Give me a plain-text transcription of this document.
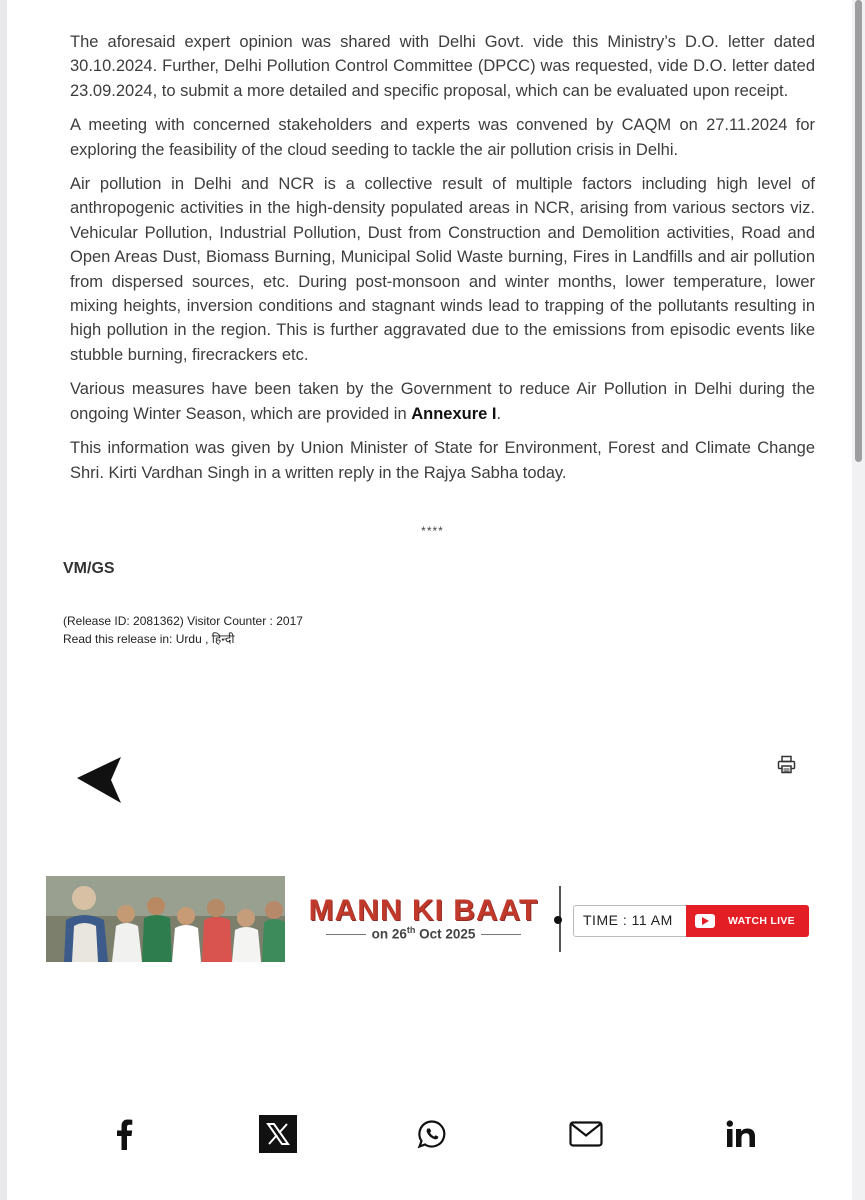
The aforesaid expert opinion was shared with Delhi Govt. vide this Ministry’s D.O. letter dated 30.10.2024. Further, Delhi Pollution Control Committee (DPCC) was requested, vide D.O. letter dated 23.09.2024, to submit a more detailed and specific proposal, which can be evaluated upon receipt.

A meeting with concerned stakeholders and experts was convened by CAQM on 27.11.2024 for exploring the feasibility of the cloud seeding to tackle the air pollution crisis in Delhi.

Air pollution in Delhi and NCR is a collective result of multiple factors including high level of anthropogenic activities in the high-density populated areas in NCR, arising from various sectors viz. Vehicular Pollution, Industrial Pollution, Dust from Construction and Demolition activities, Road and Open Areas Dust, Biomass Burning, Municipal Solid Waste burning, Fires in Landfills and air pollution from dispersed sources, etc. During post-monsoon and winter months, lower temperature, lower mixing heights, inversion conditions and stagnant winds lead to trapping of the pollutants resulting in high pollution in the region. This is further aggravated due to the emissions from episodic events like stubble burning, firecrackers etc.

Various measures have been taken by the Government to reduce Air Pollution in Delhi during the ongoing Winter Season, which are provided in Annexure I.

This information was given by Union Minister of State for Environment, Forest and Climate Change Shri. Kirti Vardhan Singh in a written reply in the Rajya Sabha today.

****
VM/GS
(Release ID: 2081362) Visitor Counter : 2017
Read this release in: Urdu , हिन्दी
MANN KI BAAT
on 26th Oct 2025
TIME : 11 AM	WATCH LIVE
